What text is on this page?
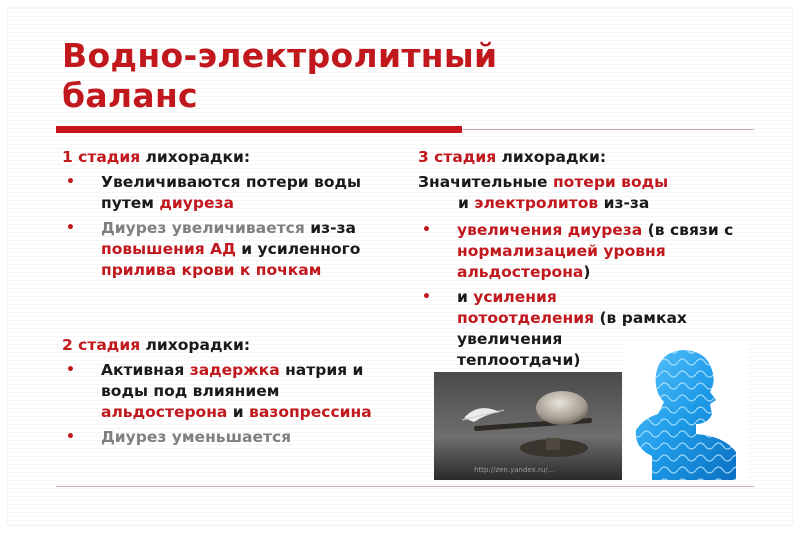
Водно-электролитный
баланс
1 стадия лихорадки:
• Увеличиваются потери воды путем диуреза
• Диурез увеличивается из-за повышения АД и усиленного прилива крови к почкам
2 стадия лихорадки:
• Активная задержка натрия и воды под влиянием альдостерона и вазопрессина
• Диурез уменьшается
3 стадия лихорадки:
Значительные потери воды
и электролитов из-за
• увеличения диуреза (в связи с нормализацией уровня альдостерона)
• и усиления потоотделения (в рамках увеличения теплоотдачи)
http://zen.yandex.ru/...
